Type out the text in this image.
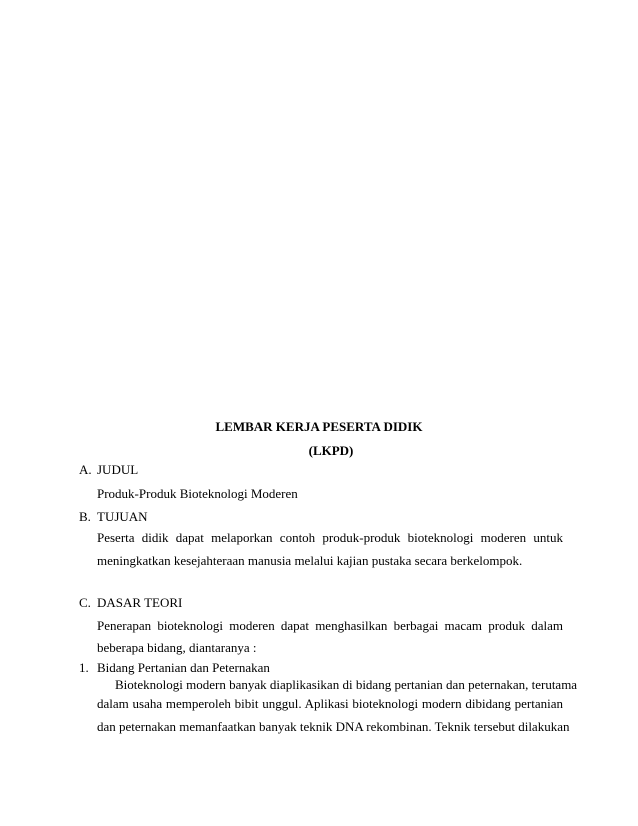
LEMBAR KERJA PESERTA DIDIK
(LKPD)
A. JUDUL
Produk-Produk Bioteknologi Moderen
B. TUJUAN
Peserta didik dapat melaporkan contoh produk-produk bioteknologi moderen untuk
meningkatkan kesejahteraan manusia melalui kajian pustaka secara berkelompok.
C. DASAR TEORI
Penerapan bioteknologi moderen dapat menghasilkan berbagai macam produk dalam
beberapa bidang, diantaranya :
1. Bidang Pertanian dan Peternakan
Bioteknologi modern banyak diaplikasikan di bidang pertanian dan peternakan, terutama
dalam usaha memperoleh bibit unggul. Aplikasi bioteknologi modern dibidang pertanian
dan peternakan memanfaatkan banyak teknik DNA rekombinan. Teknik tersebut dilakukan
